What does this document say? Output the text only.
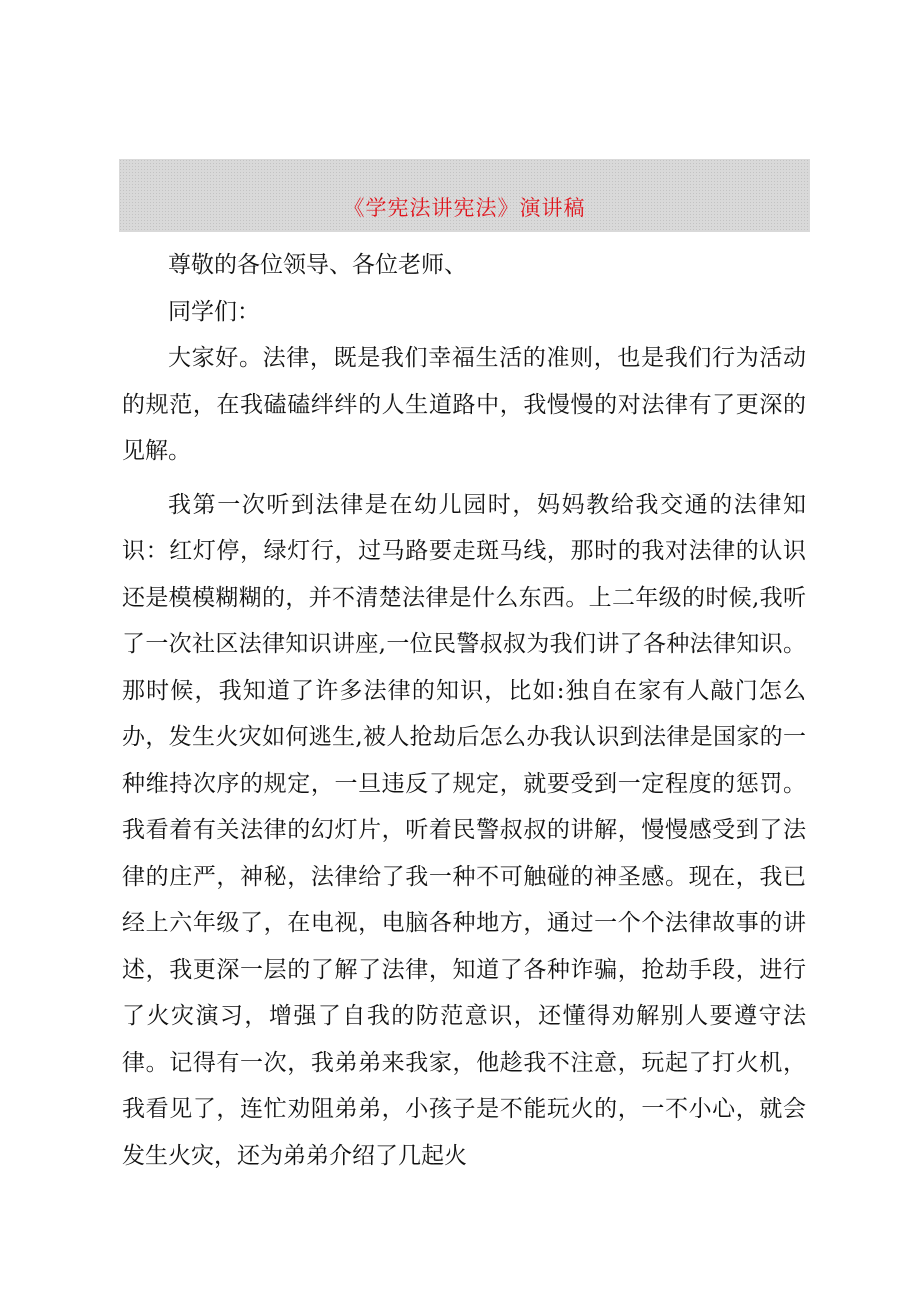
《学宪法讲宪法》演讲稿

尊敬的各位领导、各位老师、

同学们：

大家好。法律，既是我们幸福生活的准则，也是我们行为活动的规范，在我磕磕绊绊的人生道路中，我慢慢的对法律有了更深的见解。

我第一次听到法律是在幼儿园时，妈妈教给我交通的法律知识：红灯停，绿灯行，过马路要走斑马线，那时的我对法律的认识还是模模糊糊的，并不清楚法律是什么东西。上二年级的时候,我听了一次社区法律知识讲座,一位民警叔叔为我们讲了各种法律知识。那时候，我知道了许多法律的知识，比如:独自在家有人敲门怎么办，发生火灾如何逃生,被人抢劫后怎么办我认识到法律是国家的一种维持次序的规定，一旦违反了规定，就要受到一定程度的惩罚。我看着有关法律的幻灯片，听着民警叔叔的讲解，慢慢感受到了法律的庄严，神秘，法律给了我一种不可触碰的神圣感。现在，我已经上六年级了，在电视，电脑各种地方，通过一个个法律故事的讲述，我更深一层的了解了法律，知道了各种诈骗，抢劫手段，进行了火灾演习，增强了自我的防范意识，还懂得劝解别人要遵守法律。记得有一次，我弟弟来我家，他趁我不注意，玩起了打火机，我看见了，连忙劝阻弟弟，小孩子是不能玩火的，一不小心，就会发生火灾，还为弟弟介绍了几起火
